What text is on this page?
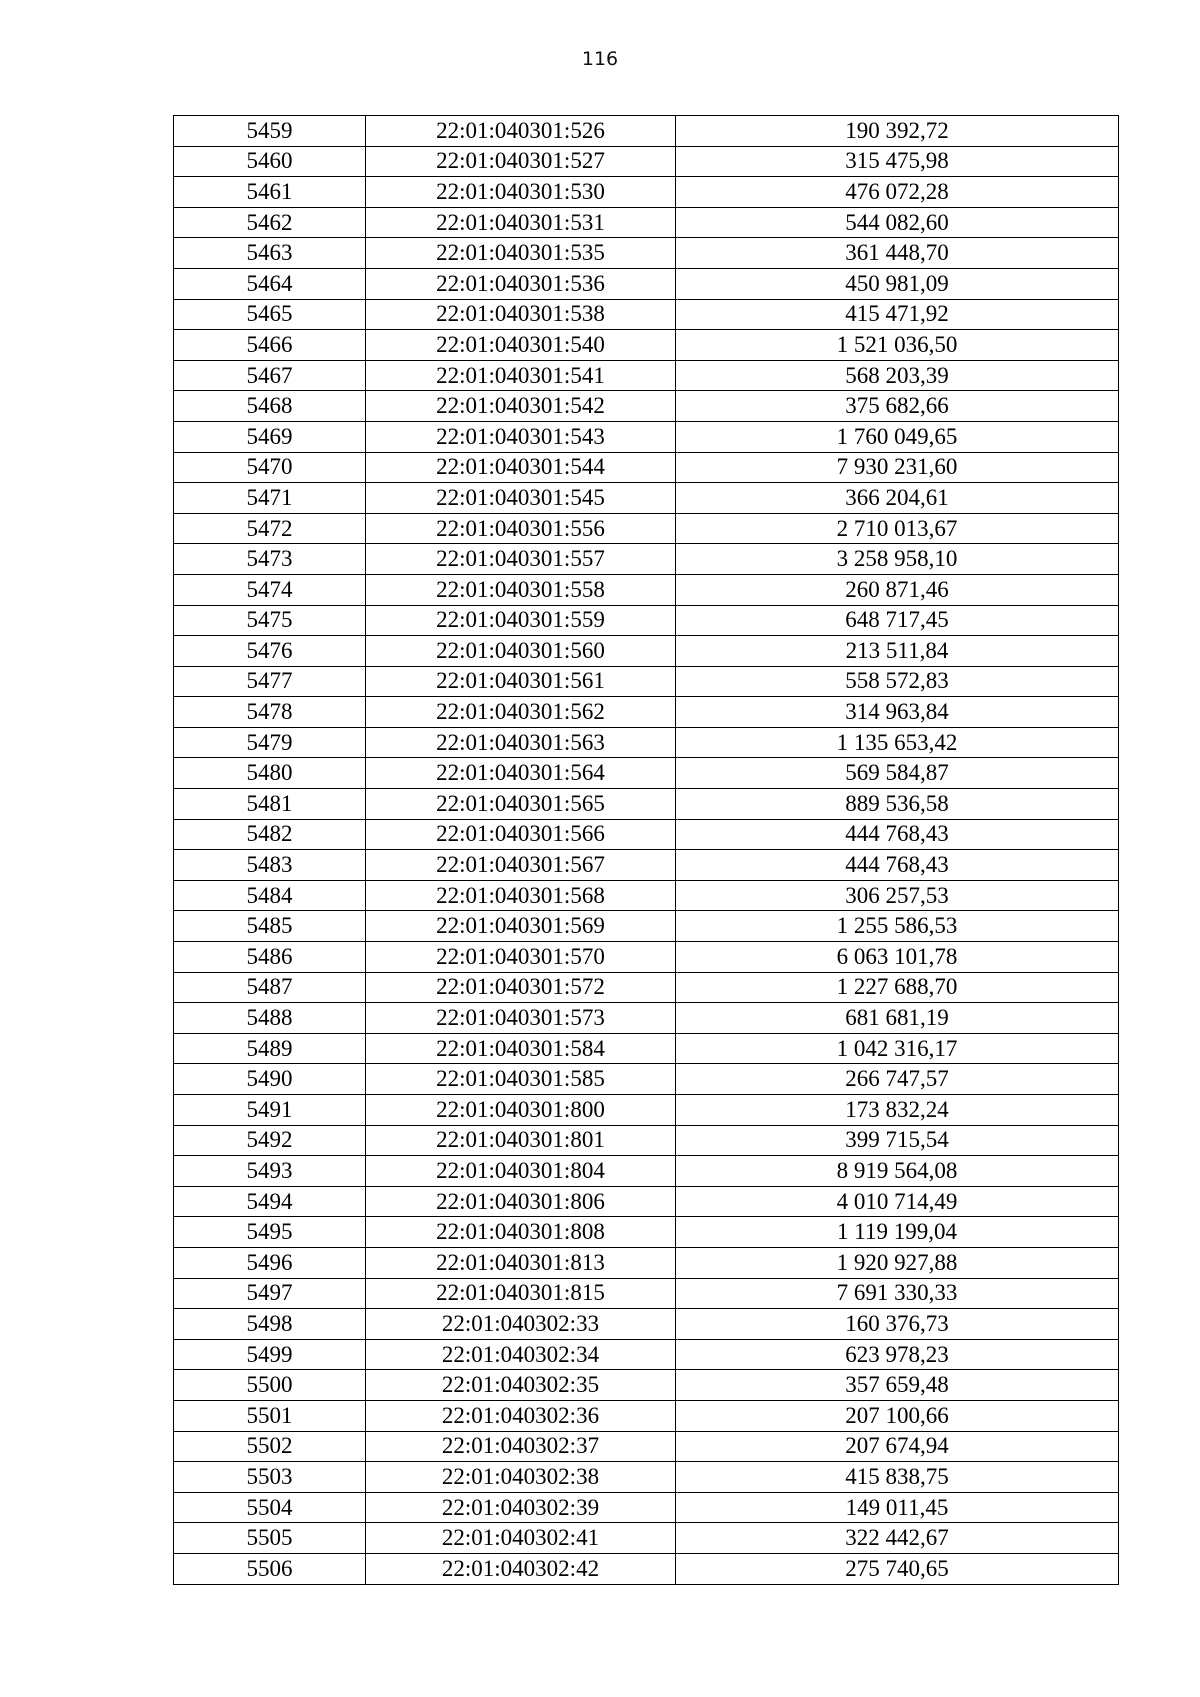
116
5459	22:01:040301:526	190 392,72
5460	22:01:040301:527	315 475,98
5461	22:01:040301:530	476 072,28
5462	22:01:040301:531	544 082,60
5463	22:01:040301:535	361 448,70
5464	22:01:040301:536	450 981,09
5465	22:01:040301:538	415 471,92
5466	22:01:040301:540	1 521 036,50
5467	22:01:040301:541	568 203,39
5468	22:01:040301:542	375 682,66
5469	22:01:040301:543	1 760 049,65
5470	22:01:040301:544	7 930 231,60
5471	22:01:040301:545	366 204,61
5472	22:01:040301:556	2 710 013,67
5473	22:01:040301:557	3 258 958,10
5474	22:01:040301:558	260 871,46
5475	22:01:040301:559	648 717,45
5476	22:01:040301:560	213 511,84
5477	22:01:040301:561	558 572,83
5478	22:01:040301:562	314 963,84
5479	22:01:040301:563	1 135 653,42
5480	22:01:040301:564	569 584,87
5481	22:01:040301:565	889 536,58
5482	22:01:040301:566	444 768,43
5483	22:01:040301:567	444 768,43
5484	22:01:040301:568	306 257,53
5485	22:01:040301:569	1 255 586,53
5486	22:01:040301:570	6 063 101,78
5487	22:01:040301:572	1 227 688,70
5488	22:01:040301:573	681 681,19
5489	22:01:040301:584	1 042 316,17
5490	22:01:040301:585	266 747,57
5491	22:01:040301:800	173 832,24
5492	22:01:040301:801	399 715,54
5493	22:01:040301:804	8 919 564,08
5494	22:01:040301:806	4 010 714,49
5495	22:01:040301:808	1 119 199,04
5496	22:01:040301:813	1 920 927,88
5497	22:01:040301:815	7 691 330,33
5498	22:01:040302:33	160 376,73
5499	22:01:040302:34	623 978,23
5500	22:01:040302:35	357 659,48
5501	22:01:040302:36	207 100,66
5502	22:01:040302:37	207 674,94
5503	22:01:040302:38	415 838,75
5504	22:01:040302:39	149 011,45
5505	22:01:040302:41	322 442,67
5506	22:01:040302:42	275 740,65
